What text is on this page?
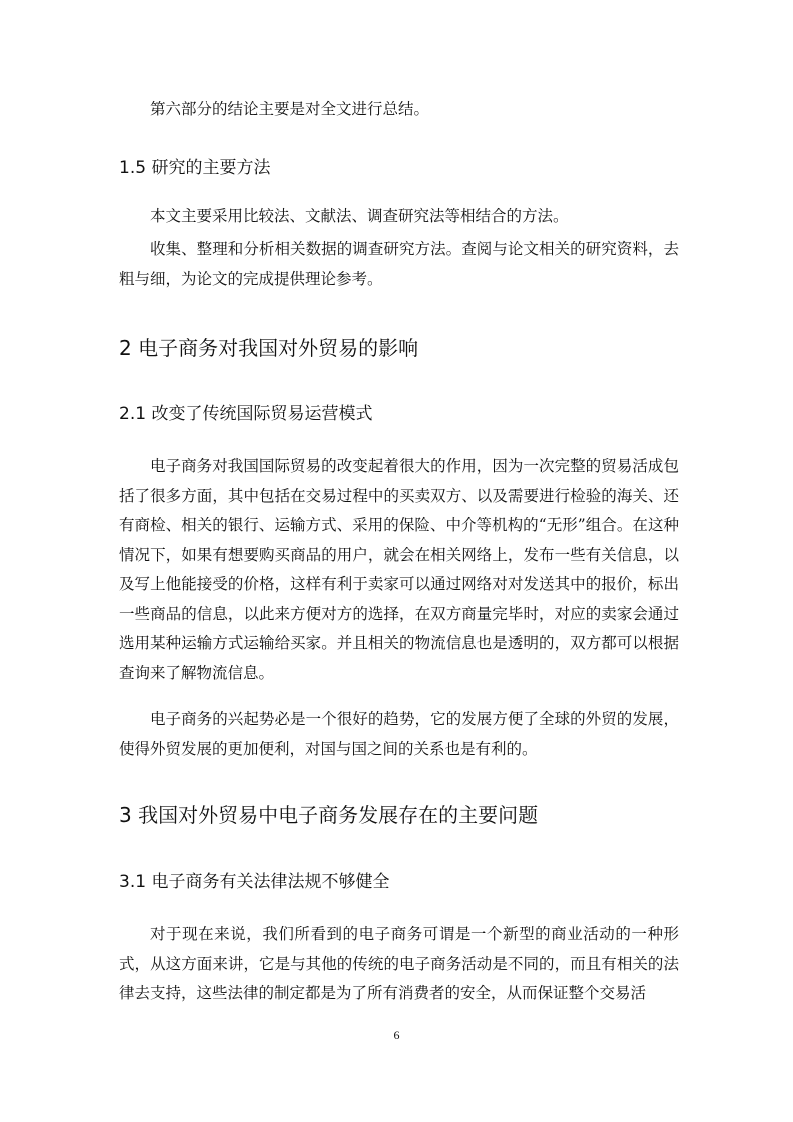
第六部分的结论主要是对全文进行总结。

1.5 研究的主要方法

本文主要采用比较法、文献法、调查研究法等相结合的方法。

收集、整理和分析相关数据的调查研究方法。查阅与论文相关的研究资料，去粗与细，为论文的完成提供理论参考。

2 电子商务对我国对外贸易的影响
2.1 改变了传统国际贸易运营模式

电子商务对我国国际贸易的改变起着很大的作用，因为一次完整的贸易活成包括了很多方面，其中包括在交易过程中的买卖双方、以及需要进行检验的海关、还有商检、相关的银行、运输方式、采用的保险、中介等机构的“无形”组合。在这种情况下，如果有想要购买商品的用户，就会在相关网络上，发布一些有关信息，以及写上他能接受的价格，这样有利于卖家可以通过网络对对发送其中的报价，标出一些商品的信息，以此来方便对方的选择，在双方商量完毕时，对应的卖家会通过选用某种运输方式运输给买家。并且相关的物流信息也是透明的，双方都可以根据查询来了解物流信息。

电子商务的兴起势必是一个很好的趋势，它的发展方便了全球的外贸的发展，使得外贸发展的更加便利，对国与国之间的关系也是有利的。

3 我国对外贸易中电子商务发展存在的主要问题
3.1 电子商务有关法律法规不够健全

对于现在来说，我们所看到的电子商务可谓是一个新型的商业活动的一种形式，从这方面来讲，它是与其他的传统的电子商务活动是不同的，而且有相关的法律去支持，这些法律的制定都是为了所有消费者的安全，从而保证整个交易活

6
